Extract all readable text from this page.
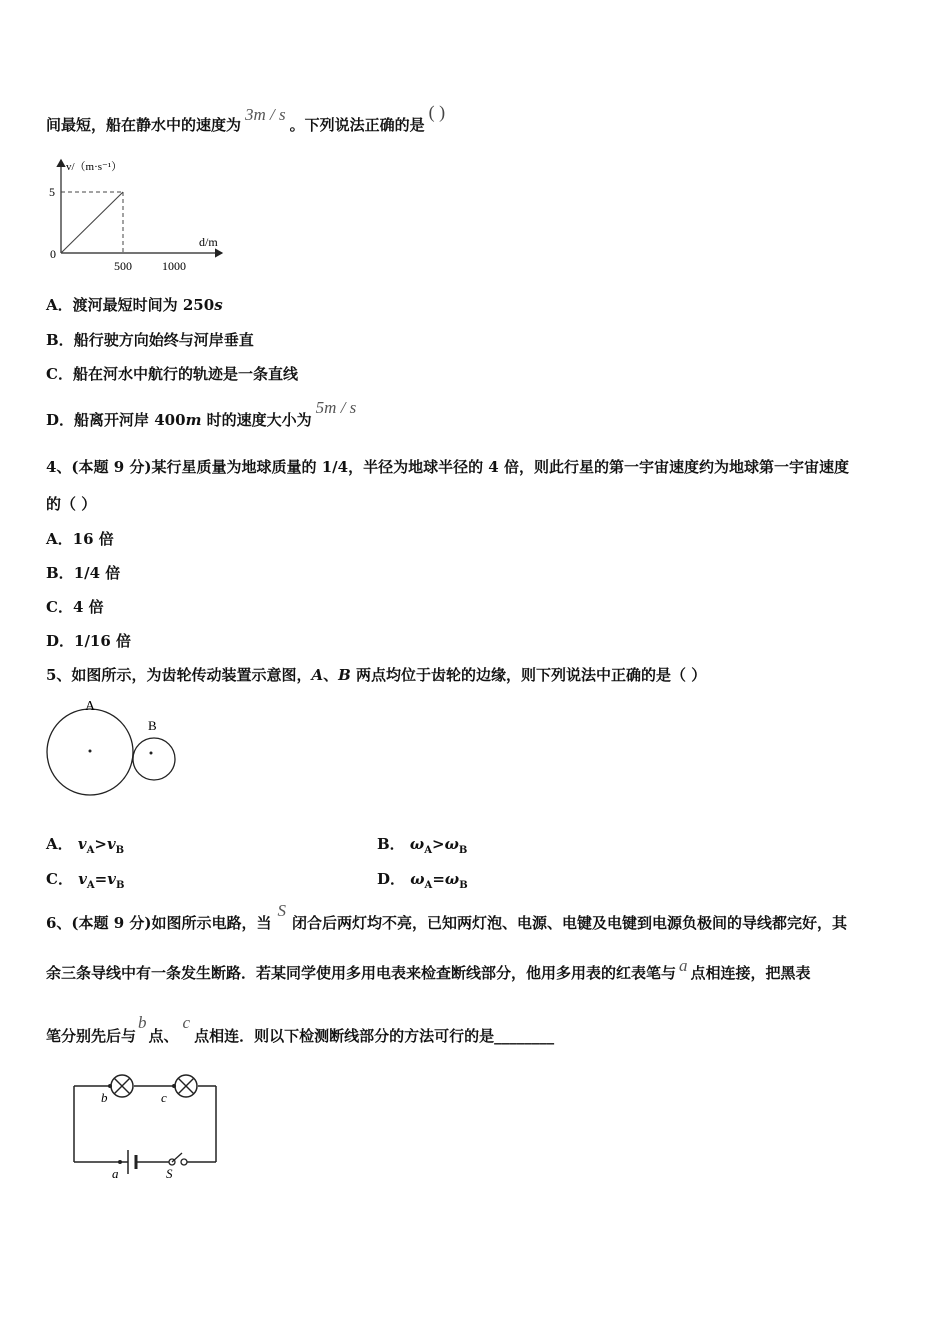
间最短，船在静水中的速度为3m / s。下列说法正确的是( )
v/（m·s⁻¹）
5
0
d/m
500	1000
A．渡河最短时间为 250s
B．船行驶方向始终与河岸垂直
C．船在河水中航行的轨迹是一条直线
D．船离开河岸 400m 时的速度大小为5m / s
4、(本题 9 分)某行星质量为地球质量的 1/4，半径为地球半径的 4 倍，则此行星的第一宇宙速度约为地球第一宇宙速度
的（ ）
A．16 倍
B．1/4 倍
C．4 倍
D．1/16 倍
5、如图所示，为齿轮传动装置示意图，A、B 两点均位于齿轮的边缘，则下列说法中正确的是（ ）
A
B
A． $v_A>v_B$	B． $\omega_A>\omega_B$
C． $v_A=v_B$	D． $\omega_A=\omega_B$
6、(本题 9 分)如图所示电路，当S闭合后两灯均不亮，已知两灯泡、电源、电键及电键到电源负极间的导线都完好，其
余三条导线中有一条发生断路．若某同学使用多用电表来检查断线部分，他用多用表的红表笔与 a 点相连接，把黑表
笔分别先后与b点、c点相连．则以下检测断线部分的方法可行的是________
b	c
a	S
